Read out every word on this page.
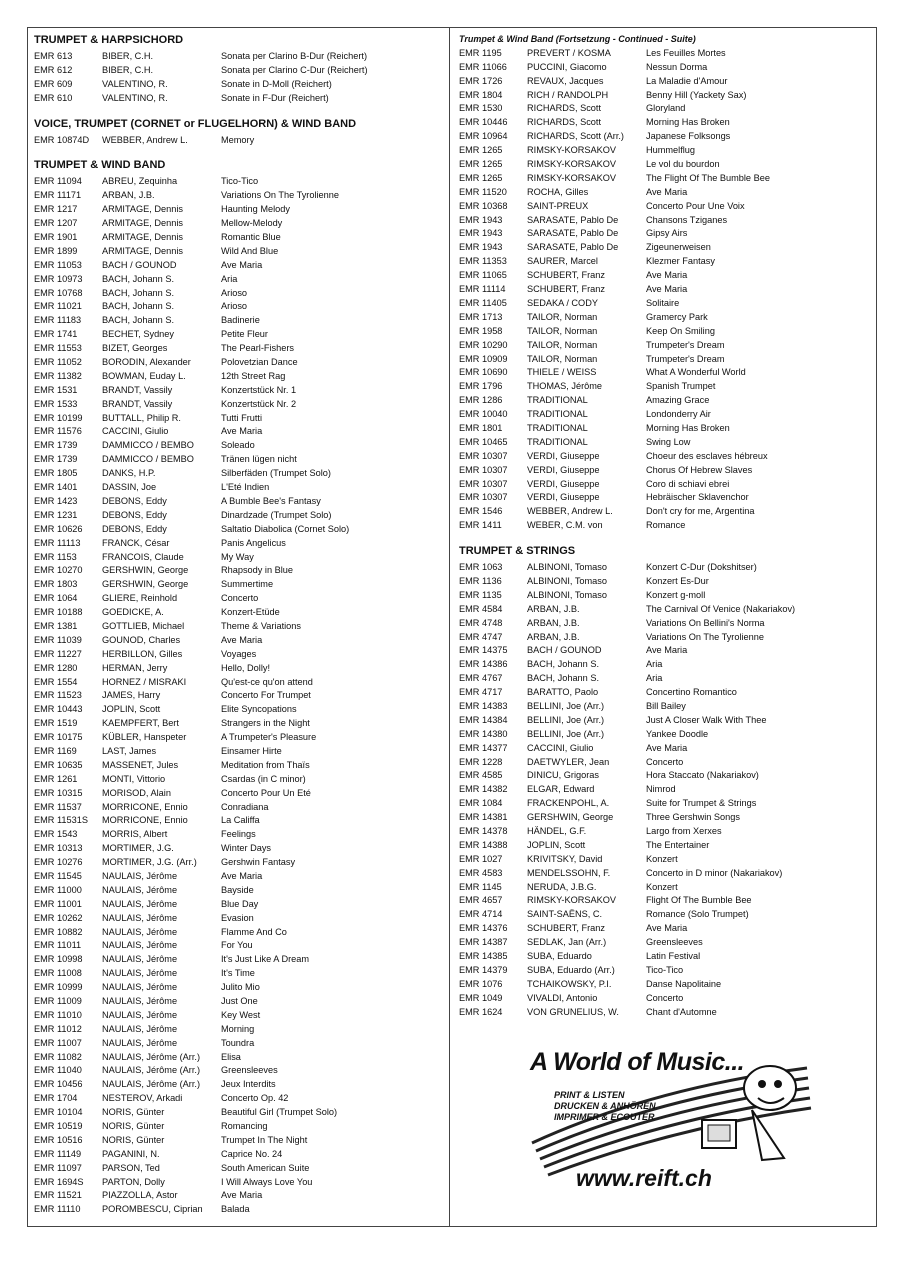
TRUMPET & HARPSICHORD
EMR 613	BIBER, C.H.	Sonata per Clarino B-Dur (Reichert)
EMR 612	BIBER, C.H.	Sonata per Clarino C-Dur (Reichert)
EMR 609	VALENTINO, R.	Sonate in D-Moll (Reichert)
EMR 610	VALENTINO, R.	Sonate in F-Dur (Reichert)
VOICE, TRUMPET (CORNET or FLUGELHORN) & WIND BAND
EMR 10874D	WEBBER, Andrew L.	Memory
TRUMPET & WIND BAND
EMR 11094	ABREU, Zequinha	Tico-Tico
EMR 11171	ARBAN, J.B.	Variations On The Tyrolienne
EMR 1217	ARMITAGE, Dennis	Haunting Melody
EMR 1207	ARMITAGE, Dennis	Mellow-Melody
EMR 1901	ARMITAGE, Dennis	Romantic Blue
EMR 1899	ARMITAGE, Dennis	Wild And Blue
EMR 11053	BACH / GOUNOD	Ave Maria
EMR 10973	BACH, Johann S.	Aria
EMR 10768	BACH, Johann S.	Arioso
EMR 11021	BACH, Johann S.	Arioso
EMR 11183	BACH, Johann S.	Badinerie
EMR 1741	BECHET, Sydney	Petite Fleur
EMR 11553	BIZET, Georges	The Pearl-Fishers
EMR 11052	BORODIN, Alexander	Polovetzian Dance
EMR 11382	BOWMAN, Euday L.	12th Street Rag
EMR 1531	BRANDT, Vassily	Konzertstück Nr. 1
EMR 1533	BRANDT, Vassily	Konzertstück Nr. 2
EMR 10199	BUTTALL, Philip R.	Tutti Frutti
EMR 11576	CACCINI, Giulio	Ave Maria
EMR 1739	DAMMICCO / BEMBO	Soleado
EMR 1739	DAMMICCO / BEMBO	Tränen lügen nicht
EMR 1805	DANKS, H.P.	Silberfäden (Trumpet Solo)
EMR 1401	DASSIN, Joe	L'Eté Indien
EMR 1423	DEBONS, Eddy	A Bumble Bee's Fantasy
EMR 1231	DEBONS, Eddy	Dinardzade (Trumpet Solo)
EMR 10626	DEBONS, Eddy	Saltatio Diabolica (Cornet Solo)
EMR 11113	FRANCK, César	Panis Angelicus
EMR 1153	FRANCOIS, Claude	My Way
EMR 10270	GERSHWIN, George	Rhapsody in Blue
EMR 1803	GERSHWIN, George	Summertime
EMR 1064	GLIERE, Reinhold	Concerto
EMR 10188	GOEDICKE, A.	Konzert-Etüde
EMR 1381	GOTTLIEB, Michael	Theme & Variations
EMR 11039	GOUNOD, Charles	Ave Maria
EMR 11227	HERBILLON, Gilles	Voyages
EMR 1280	HERMAN, Jerry	Hello, Dolly!
EMR 1554	HORNEZ / MISRAKI	Qu'est-ce qu'on attend
EMR 11523	JAMES, Harry	Concerto For Trumpet
EMR 10443	JOPLIN, Scott	Elite Syncopations
EMR 1519	KAEMPFERT, Bert	Strangers in the Night
EMR 10175	KÜBLER, Hanspeter	A Trumpeter's Pleasure
EMR 1169	LAST, James	Einsamer Hirte
EMR 10635	MASSENET, Jules	Meditation from Thaïs
EMR 1261	MONTI, Vittorio	Csardas (in C minor)
EMR 10315	MORISOD, Alain	Concerto Pour Un Eté
EMR 11537	MORRICONE, Ennio	Conradiana
EMR 11531S	MORRICONE, Ennio	La Califfa
EMR 1543	MORRIS, Albert	Feelings
EMR 10313	MORTIMER, J.G.	Winter Days
EMR 10276	MORTIMER, J.G. (Arr.)	Gershwin Fantasy
EMR 11545	NAULAIS, Jérôme	Ave Maria
EMR 11000	NAULAIS, Jérôme	Bayside
EMR 11001	NAULAIS, Jérôme	Blue Day
EMR 10262	NAULAIS, Jérôme	Evasion
EMR 10882	NAULAIS, Jérôme	Flamme And Co
EMR 11011	NAULAIS, Jérôme	For You
EMR 10998	NAULAIS, Jérôme	It's Just Like A Dream
EMR 11008	NAULAIS, Jérôme	It's Time
EMR 10999	NAULAIS, Jérôme	Julito Mio
EMR 11009	NAULAIS, Jérôme	Just One
EMR 11010	NAULAIS, Jérôme	Key West
EMR 11012	NAULAIS, Jérôme	Morning
EMR 11007	NAULAIS, Jérôme	Toundra
EMR 11082	NAULAIS, Jérôme (Arr.)	Elisa
EMR 11040	NAULAIS, Jérôme (Arr.)	Greensleeves
EMR 10456	NAULAIS, Jérôme (Arr.)	Jeux Interdits
EMR 1704	NESTEROV, Arkadi	Concerto Op. 42
EMR 10104	NORIS, Günter	Beautiful Girl (Trumpet Solo)
EMR 10519	NORIS, Günter	Romancing
EMR 10516	NORIS, Günter	Trumpet In The Night
EMR 11149	PAGANINI, N.	Caprice No. 24
EMR 11097	PARSON, Ted	South American Suite
EMR 1694S	PARTON, Dolly	I Will Always Love You
EMR 11521	PIAZZOLLA, Astor	Ave Maria
EMR 11110	POROMBESCU, Ciprian	Balada
Trumpet & Wind Band (Fortsetzung - Continued - Suite)
EMR 1195	PREVERT / KOSMA	Les Feuilles Mortes
EMR 11066	PUCCINI, Giacomo	Nessun Dorma
EMR 1726	REVAUX, Jacques	La Maladie d'Amour
EMR 1804	RICH / RANDOLPH	Benny Hill (Yackety Sax)
EMR 1530	RICHARDS, Scott	Gloryland
EMR 10446	RICHARDS, Scott	Morning Has Broken
EMR 10964	RICHARDS, Scott (Arr.)	Japanese Folksongs
EMR 1265	RIMSKY-KORSAKOV	Hummelflug
EMR 1265	RIMSKY-KORSAKOV	Le vol du bourdon
EMR 1265	RIMSKY-KORSAKOV	The Flight Of The Bumble Bee
EMR 11520	ROCHA, Gilles	Ave Maria
EMR 10368	SAINT-PREUX	Concerto Pour Une Voix
EMR 1943	SARASATE, Pablo De	Chansons Tziganes
EMR 1943	SARASATE, Pablo De	Gipsy Airs
EMR 1943	SARASATE, Pablo De	Zigeunerweisen
EMR 11353	SAURER, Marcel	Klezmer Fantasy
EMR 11065	SCHUBERT, Franz	Ave Maria
EMR 11114	SCHUBERT, Franz	Ave Maria
EMR 11405	SEDAKA / CODY	Solitaire
EMR 1713	TAILOR, Norman	Gramercy Park
EMR 1958	TAILOR, Norman	Keep On Smiling
EMR 10290	TAILOR, Norman	Trumpeter's Dream
EMR 10909	TAILOR, Norman	Trumpeter's Dream
EMR 10690	THIELE / WEISS	What A Wonderful World
EMR 1796	THOMAS, Jérôme	Spanish Trumpet
EMR 1286	TRADITIONAL	Amazing Grace
EMR 10040	TRADITIONAL	Londonderry Air
EMR 1801	TRADITIONAL	Morning Has Broken
EMR 10465	TRADITIONAL	Swing Low
EMR 10307	VERDI, Giuseppe	Choeur des esclaves hébreux
EMR 10307	VERDI, Giuseppe	Chorus Of Hebrew Slaves
EMR 10307	VERDI, Giuseppe	Coro di schiavi ebrei
EMR 10307	VERDI, Giuseppe	Hebräischer Sklavenchor
EMR 1546	WEBBER, Andrew L.	Don't cry for me, Argentina
EMR 1411	WEBER, C.M. von	Romance
TRUMPET & STRINGS
EMR 1063	ALBINONI, Tomaso	Konzert C-Dur (Dokshitser)
EMR 1136	ALBINONI, Tomaso	Konzert Es-Dur
EMR 1135	ALBINONI, Tomaso	Konzert g-moll
EMR 4584	ARBAN, J.B.	The Carnival Of Venice (Nakariakov)
EMR 4748	ARBAN, J.B.	Variations On Bellini's Norma
EMR 4747	ARBAN, J.B.	Variations On The Tyrolienne
EMR 14375	BACH / GOUNOD	Ave Maria
EMR 14386	BACH, Johann S.	Aria
EMR 4767	BACH, Johann S.	Aria
EMR 4717	BARATTO, Paolo	Concertino Romantico
EMR 14383	BELLINI, Joe (Arr.)	Bill Bailey
EMR 14384	BELLINI, Joe (Arr.)	Just A Closer Walk With Thee
EMR 14380	BELLINI, Joe (Arr.)	Yankee Doodle
EMR 14377	CACCINI, Giulio	Ave Maria
EMR 1228	DAETWYLER, Jean	Concerto
EMR 4585	DINICU, Grigoras	Hora Staccato (Nakariakov)
EMR 14382	ELGAR, Edward	Nimrod
EMR 1084	FRACKENPOHL, A.	Suite for Trumpet & Strings
EMR 14381	GERSHWIN, George	Three Gershwin Songs
EMR 14378	HÄNDEL, G.F.	Largo from Xerxes
EMR 14388	JOPLIN, Scott	The Entertainer
EMR 1027	KRIVITSKY, David	Konzert
EMR 4583	MENDELSSOHN, F.	Concerto in D minor (Nakariakov)
EMR 1145	NERUDA, J.B.G.	Konzert
EMR 4657	RIMSKY-KORSAKOV	Flight Of The Bumble Bee
EMR 4714	SAINT-SAËNS, C.	Romance (Solo Trumpet)
EMR 14376	SCHUBERT, Franz	Ave Maria
EMR 14387	SEDLAK, Jan (Arr.)	Greensleeves
EMR 14385	SUBA, Eduardo	Latin Festival
EMR 14379	SUBA, Eduardo (Arr.)	Tico-Tico
EMR 1076	TCHAIKOWSKY, P.I.	Danse Napolitaine
EMR 1049	VIVALDI, Antonio	Concerto
EMR 1624	VON GRUNELIUS, W.	Chant d'Automne
A World of Music...
PRINT & LISTEN
DRUCKEN & ANHÖREN
IMPRIMER & ECOUTER
www.reift.ch
